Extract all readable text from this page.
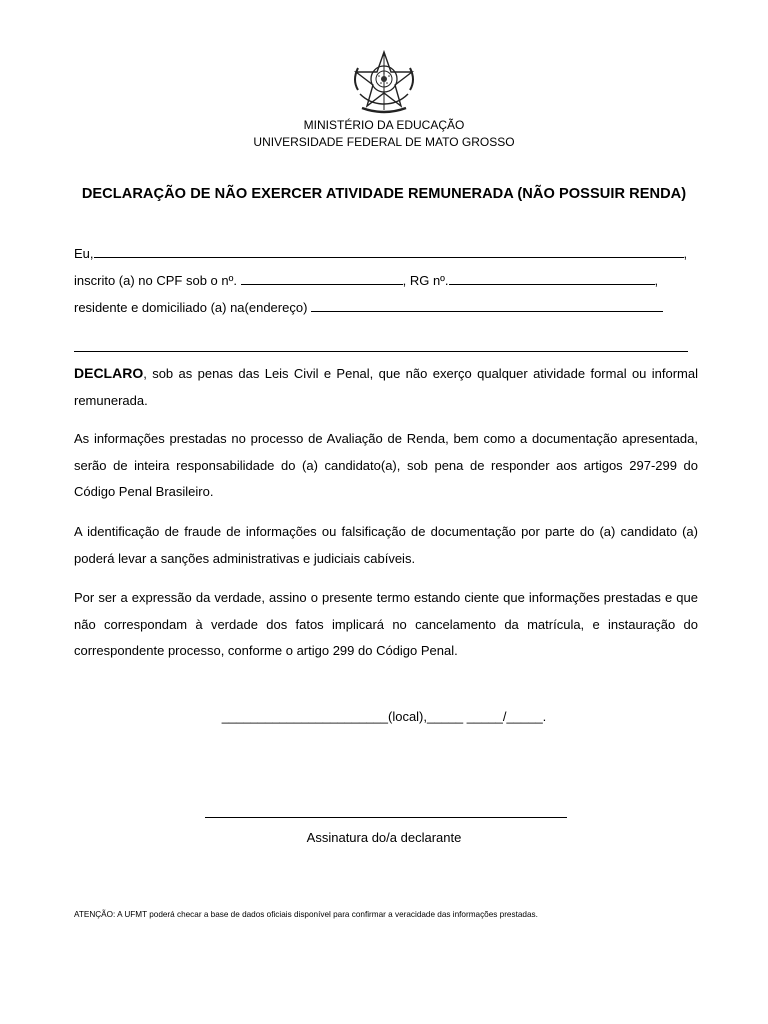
MINISTÉRIO DA EDUCAÇÃO
UNIVERSIDADE FEDERAL DE MATO GROSSO
DECLARAÇÃO DE NÃO EXERCER ATIVIDADE REMUNERADA (NÃO POSSUIR RENDA)
Eu,	,
inscrito (a) no CPF sob o nº.	, RG nº.	,
residente e domiciliado (a) na(endereço)
DECLARO, sob as penas das Leis Civil e Penal, que não exerço qualquer atividade formal ou informal remunerada.
As informações prestadas no processo de Avaliação de Renda, bem como a documentação apresentada, serão de inteira responsabilidade do (a) candidato(a), sob pena de responder aos artigos 297-299 do Código Penal Brasileiro.
A identificação de fraude de informações ou falsificação de documentação por parte do (a) candidato (a) poderá levar a sanções administrativas e judiciais cabíveis.
Por ser a expressão da verdade, assino o presente termo estando ciente que informações prestadas e que não correspondam à verdade dos fatos implicará no cancelamento da matrícula, e instauração do correspondente processo, conforme o artigo 299 do Código Penal.
_______________________(local),_____ _____/_____.
Assinatura do/a declarante
ATENÇÃO: A UFMT poderá checar a base de dados oficiais disponível para confirmar a veracidade das informações prestadas.
